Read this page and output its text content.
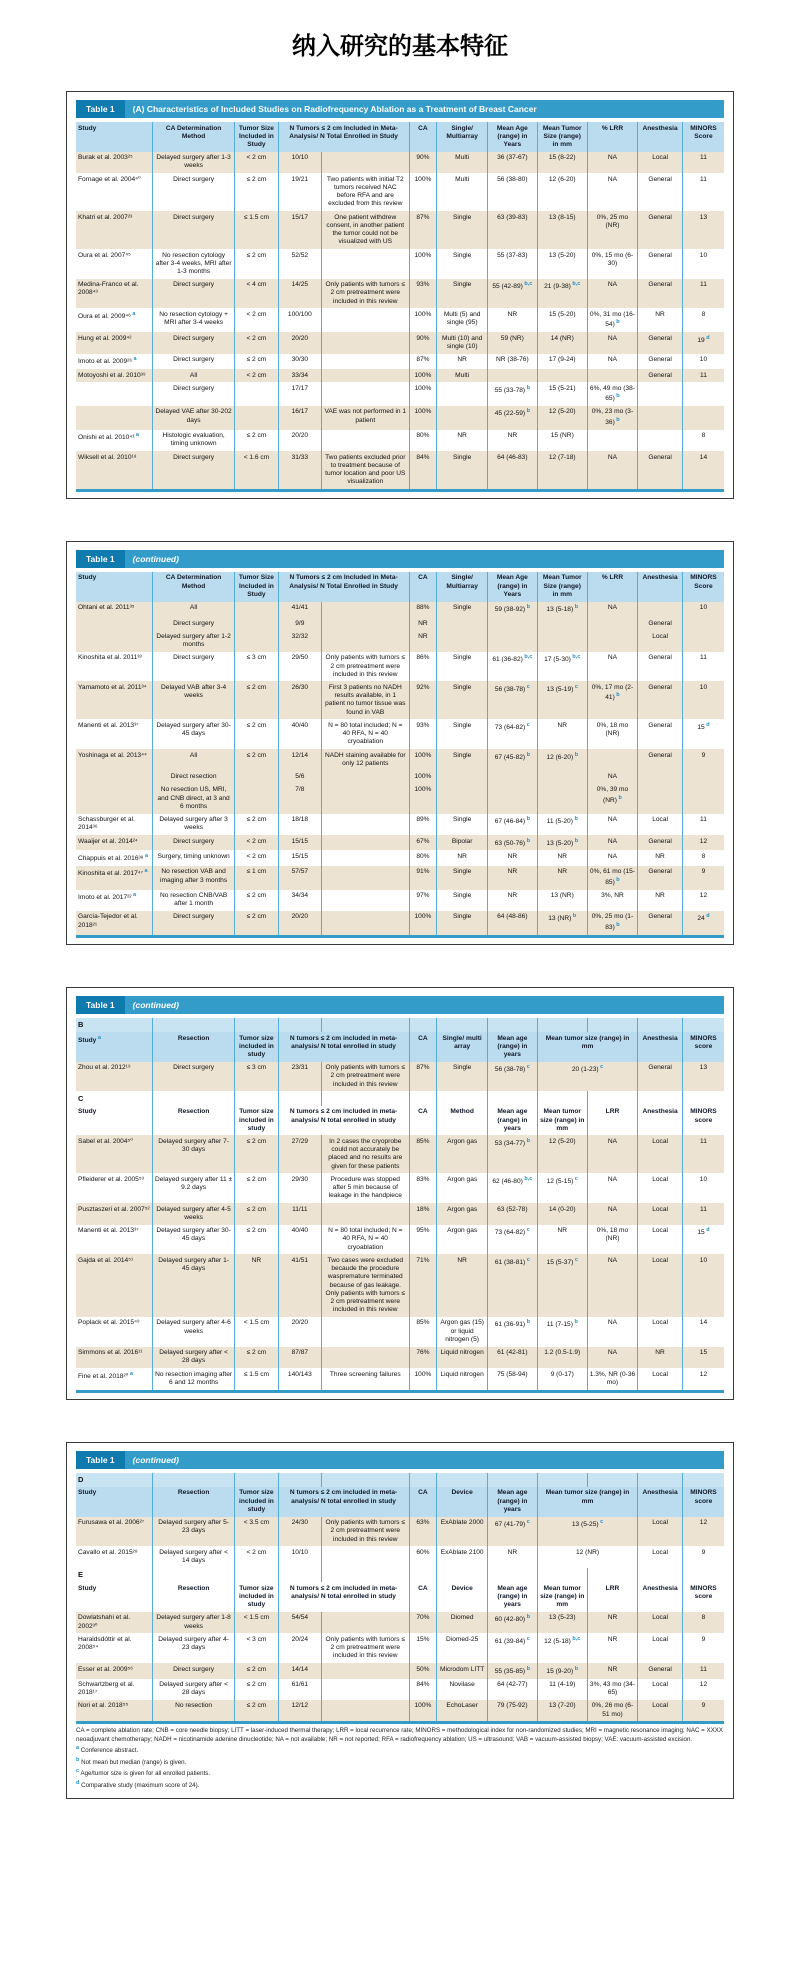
纳入研究的基本特征
Table 1	(A) Characteristics of Included Studies on Radiofrequency Ablation as a Treatment of Breast Cancer
Study	CA Determination Method	Tumor Size Included in Study	N Tumors ≤ 2 cm Included in Meta-Analysis/ N Total Enrolled in Study		CA	Single/ Multiarray	Mean Age (range) in Years	Mean Tumor Size (range) in mm	% LRR	Anesthesia	MINORS Score
Burak et al. 2003²⁵	Delayed surgery after 1-3 weeks	< 2 cm	10/10		90%	Multi	36 (37-67)	15 (8-22)	NA	Local	11
Fornage et al. 2004⁴⁰	Direct surgery	≤ 2 cm	19/21	Two patients with initial T2 tumors received NAC before RFA and are excluded from this review	100%	Multi	56 (38-80)	12 (6-20)	NA	General	11
Khatri et al. 2007²³	Direct surgery	≤ 1.5 cm	15/17	One patient withdrew consent, in another patient the tumor could not be visualized with US	87%	Single	63 (39-83)	13 (8-15)	0%, 25 mo (NR)	General	13
Oura et al. 2007⁴⁵	No resection cytology after 3-4 weeks, MRI after 1-3 months	≤ 2 cm	52/52		100%	Single	55 (37-83)	13 (5-20)	0%, 15 mo (6-30)	General	10
Medina-Franco et al. 2008⁴³	Direct surgery	< 4 cm	14/25	Only patients with tumors ≤ 2 cm pretreatment were included in this review	93%	Single	55 (42-89) $^{b,c}$	21 (9-38) $^{b,c}$	NA	General	11
Oura et al. 2009⁴⁶ $^a$	No resection cytology + MRI after 3-4 weeks	< 2 cm	100/100		100%	Multi (5) and single (95)	NR	15 (5-20)	0%, 31 mo (16-54) $^b$	NR	8
Hung et al. 2009⁴²	Direct surgery	< 2 cm	20/20		90%	Multi (10) and single (10)	59 (NR)	14 (NR)	NA	General	19 $^d$
Imoto et al. 2009²⁶ $^a$	Direct surgery	≤ 2 cm	30/30		87%	NR	NR (38-76)	17 (9-24)	NA	General	10
Motoyoshi et al. 2010³⁹	All	< 2 cm	33/34		100%	Multi				General	11
	Direct surgery		17/17		100%		55 (33-78) $^b$	15 (5-21)	6%, 49 mo (38-65) $^b$		
	Delayed VAE after 30-202 days		16/17	VAE was not performed in 1 patient	100%		45 (22-59) $^b$	12 (5-20)	0%, 23 mo (3-36) $^b$		
Onishi et al. 2010⁴¹ $^a$	Histologic evaluation, timing unknown	≤ 2 cm	20/20		80%	NR	NR	15 (NR)			8
Wiksell et al. 2010¹⁸	Direct surgery	< 1.6 cm	31/33	Two patients excluded prior to treatment because of tumor location and poor US visualization	84%	Single	64 (46-83)	12 (7-18)	NA	General	14
Table 1	(continued)
Study	CA Determination Method	Tumor Size Included in Study	N Tumors ≤ 2 cm Included in Meta-Analysis/ N Total Enrolled in Study		CA	Single/ Multiarray	Mean Age (range) in Years	Mean Tumor Size (range) in mm	% LRR	Anesthesia	MINORS Score
Ohtani et al. 2011³⁵	All		41/41		88%	Single	59 (38-92) $^b$	13 (5-18) $^b$	NA		10
	Direct surgery		9/9		NR					General	
	Delayed surgery after 1-2 months		32/32		NR					Local	
Kinoshita et al. 2011³³	Direct surgery	≤ 3 cm	29/50	Only patients with tumors ≤ 2 cm pretreatment were included in this review	86%	Single	61 (36-82) $^{b,c}$	17 (5-30) $^{b,c}$	NA	General	11
Yamamoto et al. 2011³⁴	Delayed VAB after 3-4 weeks	≤ 2 cm	26/30	First 3 patients no NADH results available, in 1 patient no tumor tissue was found in VAB	92%	Single	56 (38-78) $^c$	13 (5-19) $^c$	0%, 17 mo (2-41) $^b$	General	10
Manenti et al. 2013³⁷	Delayed surgery after 30-45 days	≤ 2 cm	40/40	N = 80 total included; N = 40 RFA, N = 40 cryoablation	93%	Single	73 (64-82) $^c$	NR	0%, 18 mo (NR)	General	15 $^d$
Yoshinaga et al. 2013⁴⁴	All	≤ 2 cm	12/14	NADH staining available for only 12 patients	100%	Single	67 (45-82) $^b$	12 (6-20) $^b$		General	9
	Direct resection		5/6		100%				NA		
	No resection US, MRI, and CNB direct, at 3 and 6 months		7/8		100%				0%, 39 mo (NR) $^b$		
Schassburger et al. 2014³⁶	Delayed surgery after 3 weeks	≤ 2 cm	18/18		89%	Single	67 (46-84) $^b$	11 (5-20) $^b$	NA	Local	11
Waaijer et al. 2014²⁴	Direct surgery	< 2 cm	15/15		67%	Bipolar	63 (50-76) $^b$	13 (5-20) $^b$	NA	General	12
Chappuis et al. 2016³⁸ $^a$	Surgery, timing unknown	< 2 cm	15/15		80%	NR	NR	NR	NA	NR	8
Kinoshita et al. 2017⁴⁷ $^a$	No resection VAB and imaging after 3 months	≤ 1 cm	57/57		91%	Single	NR	NR	0%, 61 mo (15-85) $^b$	General	9
Imoto et al. 2017²² $^a$	No resection CNB/VAB after 1 month	≤ 2 cm	34/34		97%	Single	NR	13 (NR)	3%, NR	NR	12
García-Tejedor et al. 2018²¹	Direct surgery	≤ 2 cm	20/20		100%	Single	64 (48-86)	13 (NR) $^b$	0%, 25 mo (1-83) $^b$	General	24 $^d$
Table 1	(continued)
B											
Study $^a$	Resection	Tumor size included in study	N tumors ≤ 2 cm included in meta-analysis/ N total enrolled in study		CA	Single/ multi array	Mean age (range) in years	Mean tumor size (range) in mm		Anesthesia	MINORS score
Zhou et al. 2012¹⁹	Direct surgery	≤ 3 cm	23/31	Only patients with tumors ≤ 2 cm pretreatment were included in this review	87%	Single	56 (38-78) $^c$	20 (1-23) $^c$		General	13
C											
Study	Resection	Tumor size included in study	N tumors ≤ 2 cm included in meta-analysis/ N total enrolled in study		CA	Method	Mean age (range) in years	Mean tumor size (range) in mm	LRR	Anesthesia	MINORS score
Sabel et al. 2004⁵⁰	Delayed surgery after 7-30 days	≤ 2 cm	27/29	In 2 cases the cryoprobe could not accurately be placed and no results are given for these patients	85%	Argon gas	53 (34-77) $^b$	12 (5-20)	NA	Local	11
Pfleiderer et al. 2005⁵³	Delayed surgery after 11 ± 9.2 days	≤ 2 cm	29/30	Procedure was stopped after 5 min because of leakage in the handpiece	83%	Argon gas	62 (46-80) $^{b,c}$	12 (5-15) $^c$	NA	Local	10
Pusztaszeri et al. 2007⁵²	Delayed surgery after 4-5 weeks	≤ 2 cm	11/11		18%	Argon gas	63 (52-78)	14 (0-20)	NA	Local	11
Manenti et al. 2013³⁷	Delayed surgery after 30-45 days	≤ 2 cm	40/40	N = 80 total included; N = 40 RFA, N = 40 cryoablation	95%	Argon gas	73 (64-82) $^c$	NR	0%, 18 mo (NR)	Local	15 $^d$
Gajda et al. 2014⁵¹	Delayed surgery after 1-45 days	NR	41/51	Two cases were excluded becaude the procedure waspremature terminated because of gas leakage. Only patients with tumors ≤ 2 cm pretreatment were included in this review	71%	NR	61 (38-81) $^c$	15 (5-37) $^c$	NA	Local	10
Poplack et al. 2015⁴⁹	Delayed surgery after 4-6 weeks	< 1.5 cm	20/20		85%	Argon gas (15) or liquid nitrogen (5)	61 (36-91) $^b$	11 (7-15) $^b$	NA	Local	14
Simmons et al. 2016¹¹	Delayed surgery after < 28 days	≤ 2 cm	87/87		76%	Liquid nitrogen	61 (42-81)	1.2 (0.5-1.9)	NA	NR	15
Fine et al. 2018²⁰ $^a$	No resection imaging after 6 and 12 months	≤ 1.5 cm	140/143	Three screening failures	100%	Liquid nitrogen	75 (58-94)	9 (0-17)	1.3%, NR (0-36 mo)	Local	12
Table 1	(continued)
D											
Study	Resection	Tumor size included in study	N tumors ≤ 2 cm included in meta-analysis/ N total enrolled in study		CA	Device	Mean age (range) in years	Mean tumor size (range) in mm		Anesthesia	MINORS score
Furusawa et al. 2006²⁷	Delayed surgery after 5-23 days	< 3.5 cm	24/30	Only patients with tumors ≤ 2 cm pretreatment were included in this review	63%	ExAblate 2000	67 (41-79) $^c$	13 (5-25) $^c$		Local	12
Cavallo et al. 2015²⁸	Delayed surgery after < 14 days	< 2 cm	10/10		60%	ExAblate 2100	NR	12 (NR)		Local	9
E											
Study	Resection	Tumor size included in study	N tumors ≤ 2 cm included in meta-analysis/ N total enrolled in study		CA	Device	Mean age (range) in years	Mean tumor size (range) in mm	LRR	Anesthesia	MINORS score
Dowlatshahi et al. 2002³⁰	Delayed surgery after 1-8 weeks	< 1.5 cm	54/54		70%	Diomed	60 (42-80) $^b$	13 (5-23)	NR	Local	8
Haraldsdóttir et al. 2008⁵⁴	Delayed surgery after 4-23 days	< 3 cm	20/24	Only patients with tumors ≤ 2 cm pretreatment were included in this review	15%	Diomed-25	61 (39-84) $^c$	12 (5-18) $^{b,c}$	NR	Local	9
Esser et al. 2009⁵⁶	Direct surgery	≤ 2 cm	14/14		50%	Microdom LITT	55 (35-85) $^b$	15 (9-20) $^b$	NR	General	11
Schwartzberg et al. 2018¹⁷	Delayed surgery after < 28 days	≤ 2 cm	61/61		84%	Novilase	64 (42-77)	11 (4-19)	3%, 43 mo (34-65)	Local	12
Nori et al. 2018⁵⁵	No resection	≤ 2 cm	12/12		100%	EchoLaser	79 (75-92)	13 (7-20)	0%, 26 mo (6-51 mo)	Local	9

CA = complete ablation rate; CNB = core needle biopsy; LITT = laser-induced thermal therapy; LRR = local recurrence rate; MINORS = methodological index for non-randomized studies; MRI = magnetic resonance imaging; NAC = XXXX neoadjuvant chemotherapy; NADH = nicotinamide adenine dinucleotide; NA = not available; NR = not reported; RFA = radiofrequency ablation; US = ultrasound; VAB = vacuum-assisted biopsy; VAE: vacuum-assisted excision.

$^a$ Conference abstract.

$^b$ Not mean but median (range) is given.

$^c$ Age/tumor size is given for all enrolled patients.

$^d$ Comparative study (maximum score of 24).
